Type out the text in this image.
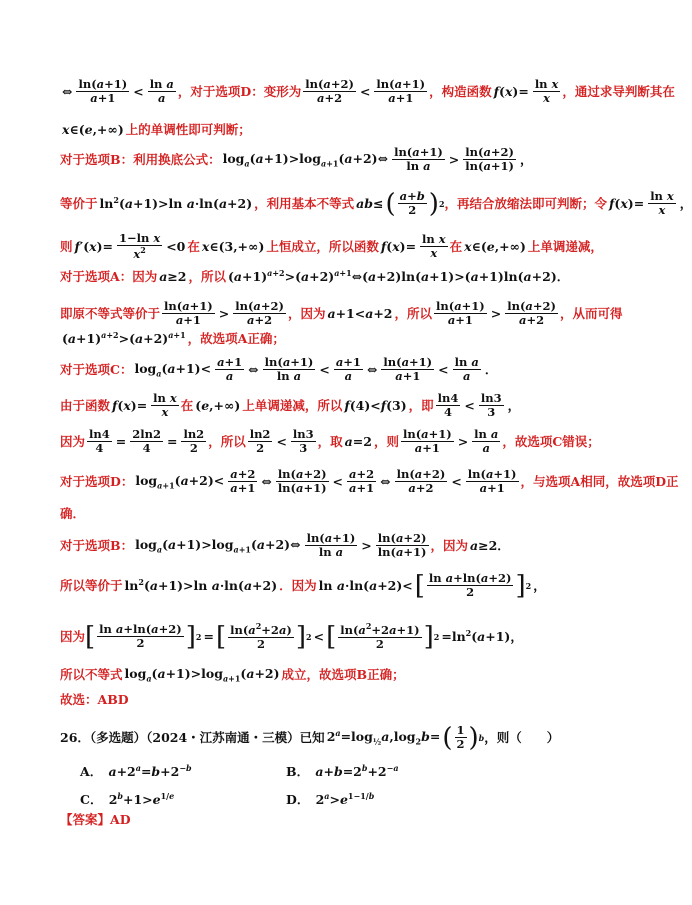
⇔ $\frac{\ln(a+1)}{a+1} < \frac{\text{ln a}}{a}$ ，对于选项D：变形为 $\frac{\ln(a+2)}{a+2} < \frac{\ln(a+1)}{a+1}$ ，构造函数 $f(x)= \frac{\text{ln x}}{x}$ ，通过求导判断其在
x∈(e,+∞) 上的单调性即可判断；
对于选项B：利用换底公式： $\log_a(a+1)>\log_{a+1}(a+2)\Leftrightarrow \frac{\ln(a+1)}{\text{ln a}} > \frac{\ln(a+2)}{\ln(a+1)}$ ，
等价于 $\ln^2(a+1)>\ln$ a·ln(a+2) ，利用基本不等式 ab≤ ( $\frac{a+b}{2}$ ) 2 ，再结合放缩法即可判断；令 $f(x)= \frac{\text{ln x}}{x}$ ，
则 $f'(x)= \frac{\text{1−ln x}}{x^2} <0$ 在 x∈(3,+∞) 上恒成立，所以函数 $f(x)= \frac{\text{ln x}}{x}$ 在 x∈(e,+∞) 上单调递减，
对于选项A：因为 a≥2 ，所以 $(a+1)^{a+2}>(a+2)^{a+1}\Leftrightarrow(a+2)\ln(a+1)>(a+1)\ln(a+2)$．
即原不等式等价于 $\frac{\ln(a+1)}{a+1} > \frac{\ln(a+2)}{a+2}$ ，因为 a+1<a+2 ，所以 $\frac{\ln(a+1)}{a+1} > \frac{\ln(a+2)}{a+2}$ ，从而可得
$(a+1)^{a+2}>(a+2)^{a+1}$ ，故选项A正确；
对于选项C： $\log_a(a+1)< \frac{a+1}{a}$ ⇔ $\frac{\ln(a+1)}{\text{ln a}} < \frac{a+1}{a}$ ⇔ $\frac{\ln(a+1)}{a+1} < \frac{\text{ln a}}{a}$ ．
由于函数 $f(x)= \frac{\text{ln x}}{x}$ 在 (e,+∞) 上单调递减，所以 f(4)<f(3) ，即 $\frac{\ln 4}{4} < \frac{\ln 3}{3}$ ，
因为 $\frac{\ln 4}{4} = \frac{2\ln 2}{4} = \frac{\ln 2}{2}$ ，所以 $\frac{\ln 2}{2} < \frac{\ln 3}{3}$ ，取 a=2 ，则 $\frac{\ln(a+1)}{a+1} > \frac{\text{ln a}}{a}$ ，故选项C错误；
对于选项D： $\log_{a+1}(a+2)< \frac{a+2}{a+1}$ ⇔ $\frac{\ln(a+2)}{\ln(a+1)} < \frac{a+2}{a+1}$ ⇔ $\frac{\ln(a+2)}{a+2} < \frac{\ln(a+1)}{a+1}$ ，与选项A相同，故选项D正
确．
对于选项B： $\log_a(a+1)>\log_{a+1}(a+2)\Leftrightarrow \frac{\ln(a+1)}{\text{ln a}} > \frac{\ln(a+2)}{\ln(a+1)}$ ，因为 a≥2．
所以等价于 $\ln^2(a+1)>\ln$ a·ln(a+2) ．因为 ln a·ln(a+2)< [ $\frac{\text{ln a+ln(a+2)}}{2}$ ] 2 ，
因为 [ $\frac{\text{ln a+ln(a+2)}}{2}$ ] 2 = [ $\frac{\ln(a^2+2a)}{2}$ ] 2 < [ $\frac{\ln(a^2+2a+1)}{2}$ ] $2 =\ln^2(a+1)$，
所以不等式 $\log_a(a+1)>\log_{a+1}(a+2)$ 成立，故选项B正确；
故选：ABD
26．（多选题）（2024・江苏南通・三模）已知 $2^a=\log_{\frac{1}{2}}a,\log_2b=$ ( $\frac{1}{2}$ ) b ，则（　　）
A．　 $a+2^a=b+2^{-b}$	B．　 $a+b=2^b+2^{-a}$
C．　$2^b+1>e^{1/e}$	D．　$2^a>e^{1-1/b}$
【答案】AD
